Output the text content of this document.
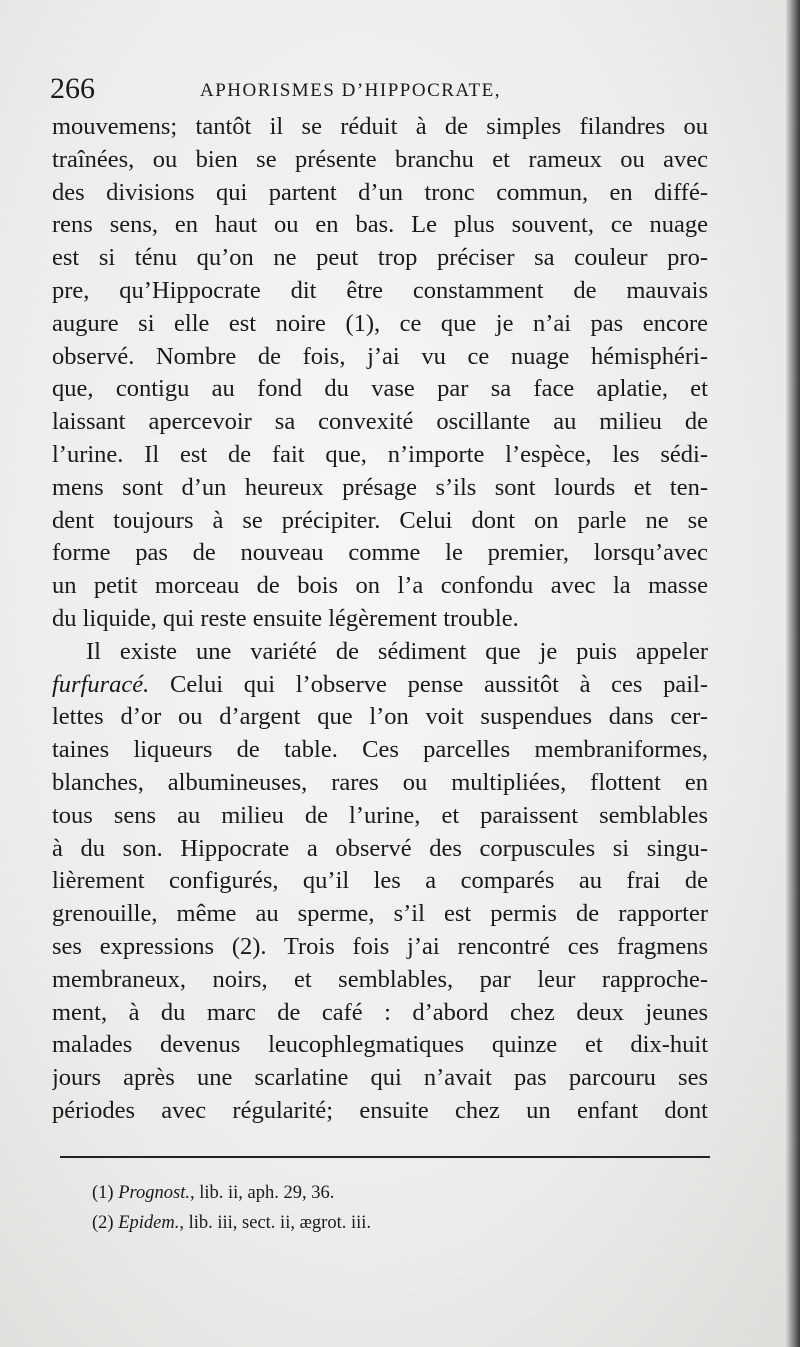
266	APHORISMES D’HIPPOCRATE,
mouvemens; tantôt il se réduit à de simples filandres ou
traînées, ou bien se présente branchu et rameux ou avec
des divisions qui partent d’un tronc commun, en diffé-
rens sens, en haut ou en bas. Le plus souvent, ce nuage
est si ténu qu’on ne peut trop préciser sa couleur pro-
pre, qu’Hippocrate dit être constamment de mauvais
augure si elle est noire (1), ce que je n’ai pas encore
observé. Nombre de fois, j’ai vu ce nuage hémisphéri-
que, contigu au fond du vase par sa face aplatie, et
laissant apercevoir sa convexité oscillante au milieu de
l’urine. Il est de fait que, n’importe l’espèce, les sédi-
mens sont d’un heureux présage s’ils sont lourds et ten-
dent toujours à se précipiter. Celui dont on parle ne se
forme pas de nouveau comme le premier, lorsqu’avec
un petit morceau de bois on l’a confondu avec la masse
du liquide, qui reste ensuite légèrement trouble.
Il existe une variété de sédiment que je puis appeler
furfuracé. Celui qui l’observe pense aussitôt à ces pail-
lettes d’or ou d’argent que l’on voit suspendues dans cer-
taines liqueurs de table. Ces parcelles membraniformes,
blanches, albumineuses, rares ou multipliées, flottent en
tous sens au milieu de l’urine, et paraissent semblables
à du son. Hippocrate a observé des corpuscules si singu-
lièrement configurés, qu’il les a comparés au frai de
grenouille, même au sperme, s’il est permis de rapporter
ses expressions (2). Trois fois j’ai rencontré ces fragmens
membraneux, noirs, et semblables, par leur rapproche-
ment, à du marc de café : d’abord chez deux jeunes
malades devenus leucophlegmatiques quinze et dix-huit
jours après une scarlatine qui n’avait pas parcouru ses
périodes avec régularité; ensuite chez un enfant dont
(1) Prognost., lib. ii, aph. 29, 36.
(2) Epidem., lib. iii, sect. ii, ægrot. iii.
